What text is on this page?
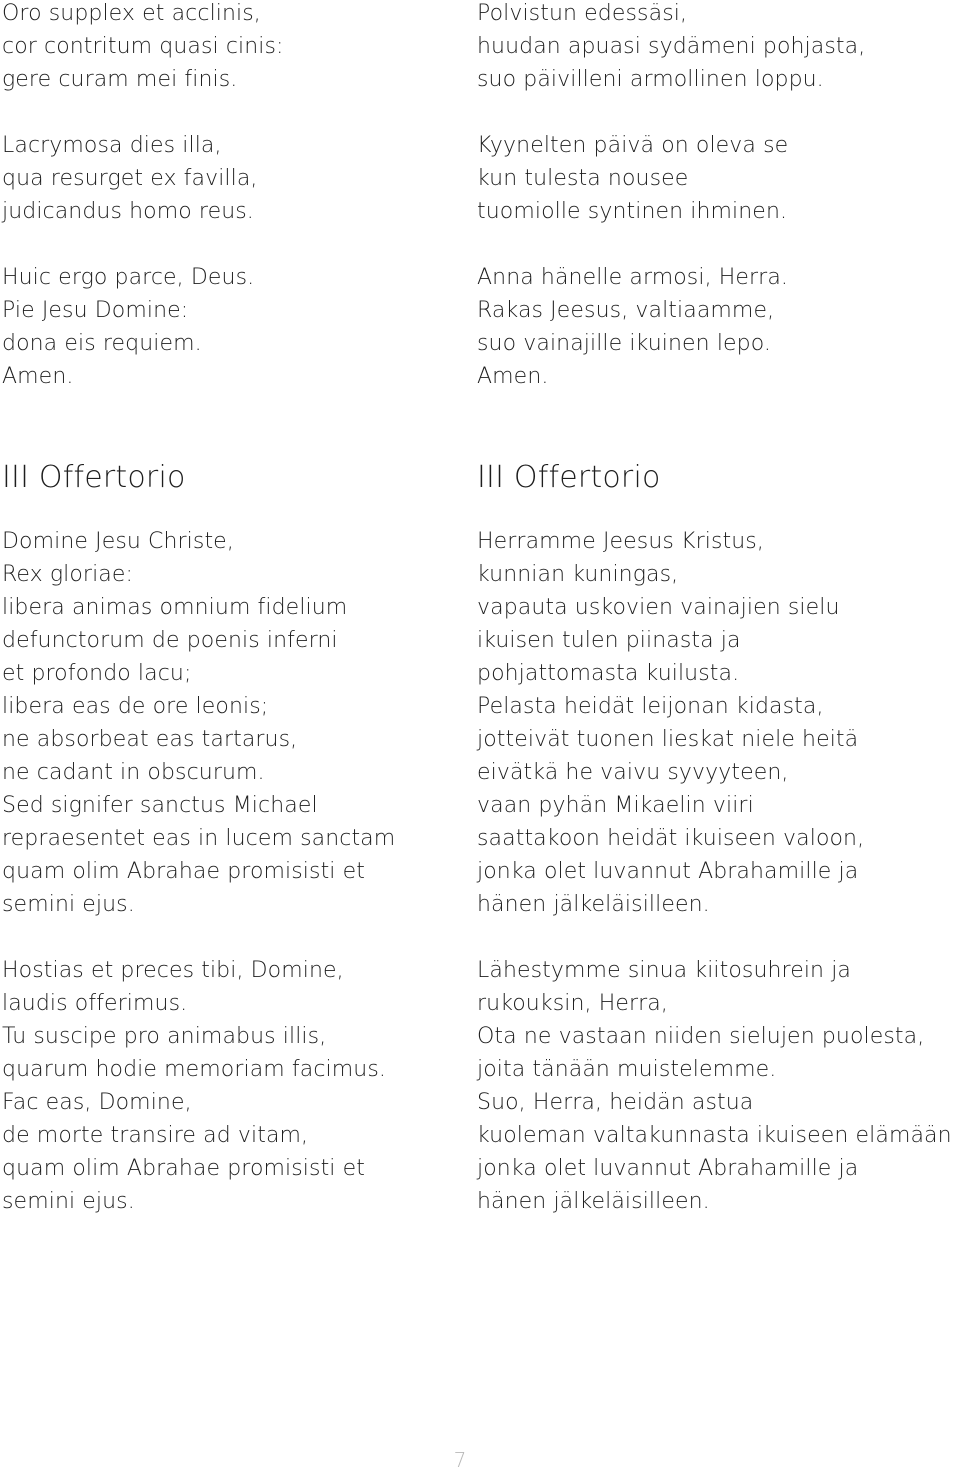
Oro supplex et acclinis,
cor contritum quasi cinis:
gere curam mei finis.
Lacrymosa dies illa,
qua resurget ex favilla,
judicandus homo reus.
Huic ergo parce, Deus.
Pie Jesu Domine:
dona eis requiem.
Amen.
Polvistun edessäsi,
huudan apuasi sydämeni pohjasta,
suo päivilleni armollinen loppu.
Kyynelten päivä on oleva se
kun tulesta nousee
tuomiolle syntinen ihminen.
Anna hänelle armosi, Herra.
Rakas Jeesus, valtiaamme,
suo vainajille ikuinen lepo.
Amen.
III Offertorio	III Offertorio
Domine Jesu Christe,
Rex gloriae:
libera animas omnium fidelium
defunctorum de poenis inferni
et profondo lacu;
libera eas de ore leonis;
ne absorbeat eas tartarus,
ne cadant in obscurum.
Sed signifer sanctus Michael
repraesentet eas in lucem sanctam
quam olim Abrahae promisisti et
semini ejus.
Hostias et preces tibi, Domine,
laudis offerimus.
Tu suscipe pro animabus illis,
quarum hodie memoriam facimus.
Fac eas, Domine,
de morte transire ad vitam,
quam olim Abrahae promisisti et
semini ejus.
Herramme Jeesus Kristus,
kunnian kuningas,
vapauta uskovien vainajien sielu
ikuisen tulen piinasta ja
pohjattomasta kuilusta.
Pelasta heidät leijonan kidasta,
jotteivät tuonen lieskat niele heitä
eivätkä he vaivu syvyyteen,
vaan pyhän Mikaelin viiri
saattakoon heidät ikuiseen valoon,
jonka olet luvannut Abrahamille ja
hänen jälkeläisilleen.
Lähestymme sinua kiitosuhrein ja
rukouksin, Herra,
Ota ne vastaan niiden sielujen puolesta,
joita tänään muistelemme.
Suo, Herra, heidän astua
kuoleman valtakunnasta ikuiseen elämään
jonka olet luvannut Abrahamille ja
hänen jälkeläisilleen.
7
